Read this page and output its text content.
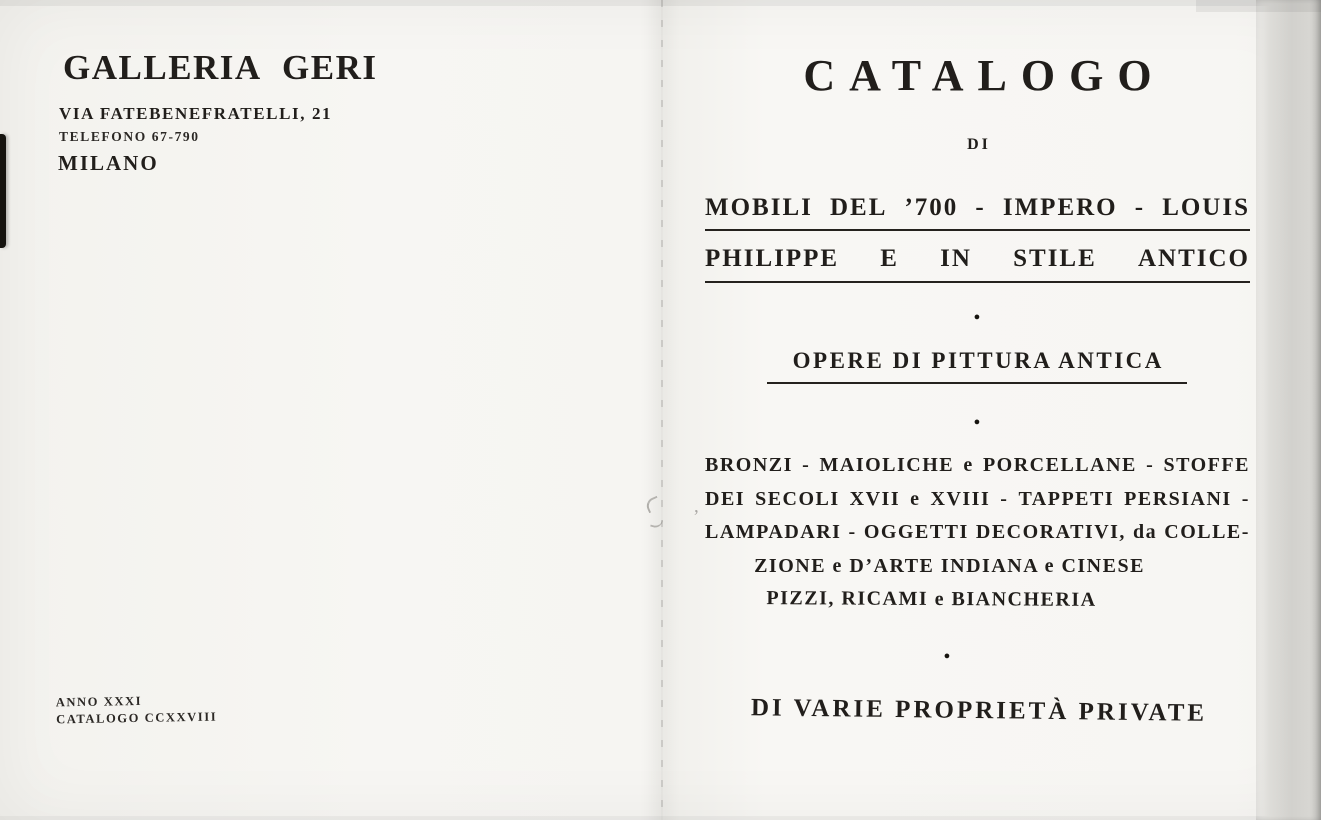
,
GALLERIA GERI
VIA FATEBENEFRATELLI, 21
TELEFONO 67-790
MILANO
ANNO XXXI
CATALOGO CCXXVIII
CATALOGO
DI
MOBILI DEL ’700 - IMPERO - LOUIS
PHILIPPE E IN STILE ANTICO
●
OPERE DI PITTURA ANTICA
●
BRONZI - MAIOLICHE e PORCELLANE - STOFFE
DEI SECOLI XVII e XVIII - TAPPETI PERSIANI -
LAMPADARI - OGGETTI DECORATIVI, da COLLE-
ZIONE e D’ARTE INDIANA e CINESE
PIZZI, RICAMI e BIANCHERIA
●
DI VARIE PROPRIETÀ PRIVATE
